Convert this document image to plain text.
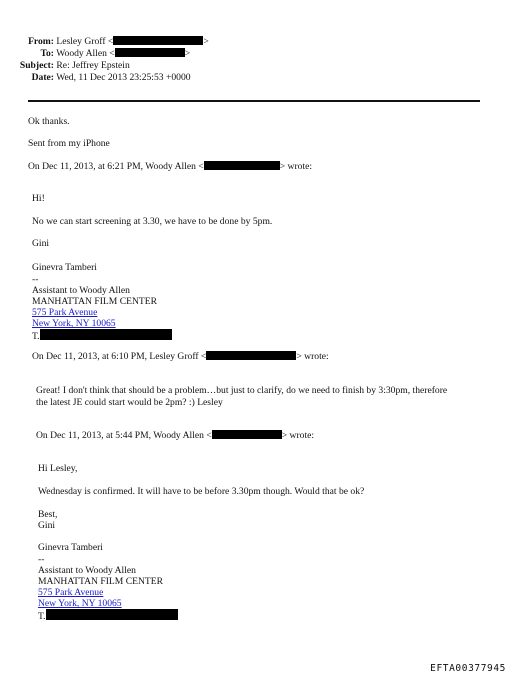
From: Lesley Groff <	>
To: Woody Allen <	>
Subject: Re: Jeffrey Epstein
Date: Wed, 11 Dec 2013 23:25:53 +0000
Ok thanks.
Sent from my iPhone
On Dec 11, 2013, at 6:21 PM, Woody Allen <	> wrote:
Hi!
No we can start screening at 3.30, we have to be done by 5pm.
Gini
Ginevra Tamberi
--
Assistant to Woody Allen
MANHATTAN FILM CENTER
575 Park Avenue
New York, NY 10065
T.
On Dec 11, 2013, at 6:10 PM, Lesley Groff <	> wrote:
Great! I don't think that should be a problem…but just to clarify, do we need to finish by 3:30pm, therefore
the latest JE could start would be 2pm? :) Lesley
On Dec 11, 2013, at 5:44 PM, Woody Allen <	> wrote:
Hi Lesley,
Wednesday is confirmed. It will have to be before 3.30pm though. Would that be ok?
Best,
Gini
Ginevra Tamberi
--
Assistant to Woody Allen
MANHATTAN FILM CENTER
575 Park Avenue
New York, NY 10065
T.
EFTA00377945
